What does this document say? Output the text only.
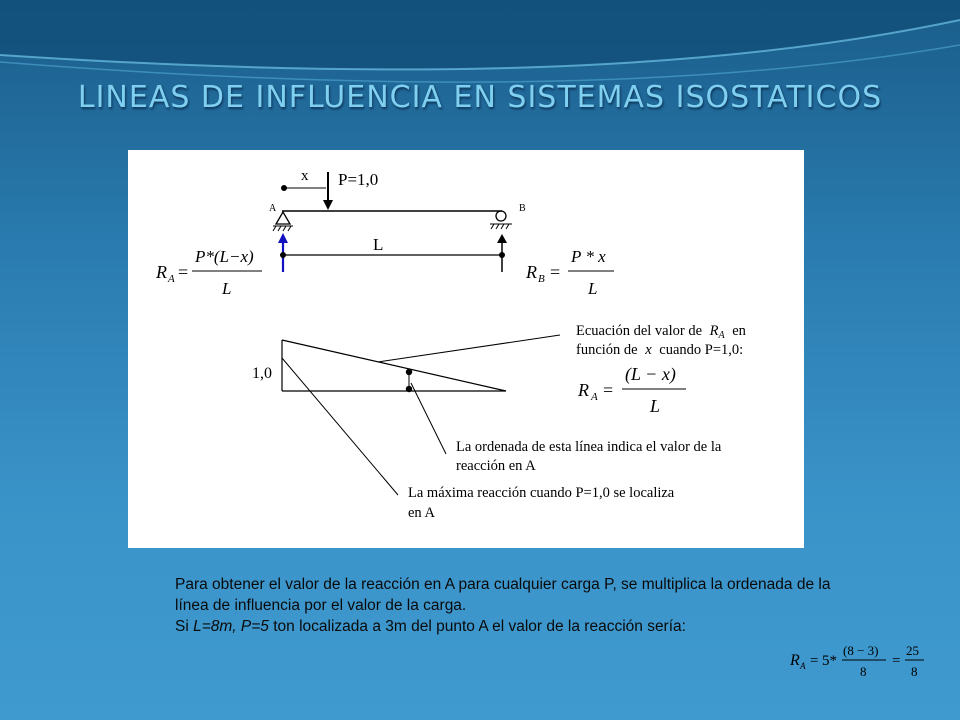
LINEAS DE INFLUENCIA EN SISTEMAS ISOSTATICOS
x P=1,0
A	B
L
R A =
P*(L−x)
L
R B =
P * x
L
1,0
Ecuación del valor de $R_A$ en
función de x cuando P=1,0:
R A =
(L − x)
L
La ordenada de esta línea indica el valor de la
reacción en A
La máxima reacción cuando P=1,0 se localiza
en A

Para obtener el valor de la reacción en A para cualquier carga P, se multiplica la ordenada de la línea de influencia por el valor de la carga.

Si L=8m, P=5 ton localizada a 3m del punto A el valor de la reacción sería:

R A = 5*
(8 − 3)
8
=
25
8
